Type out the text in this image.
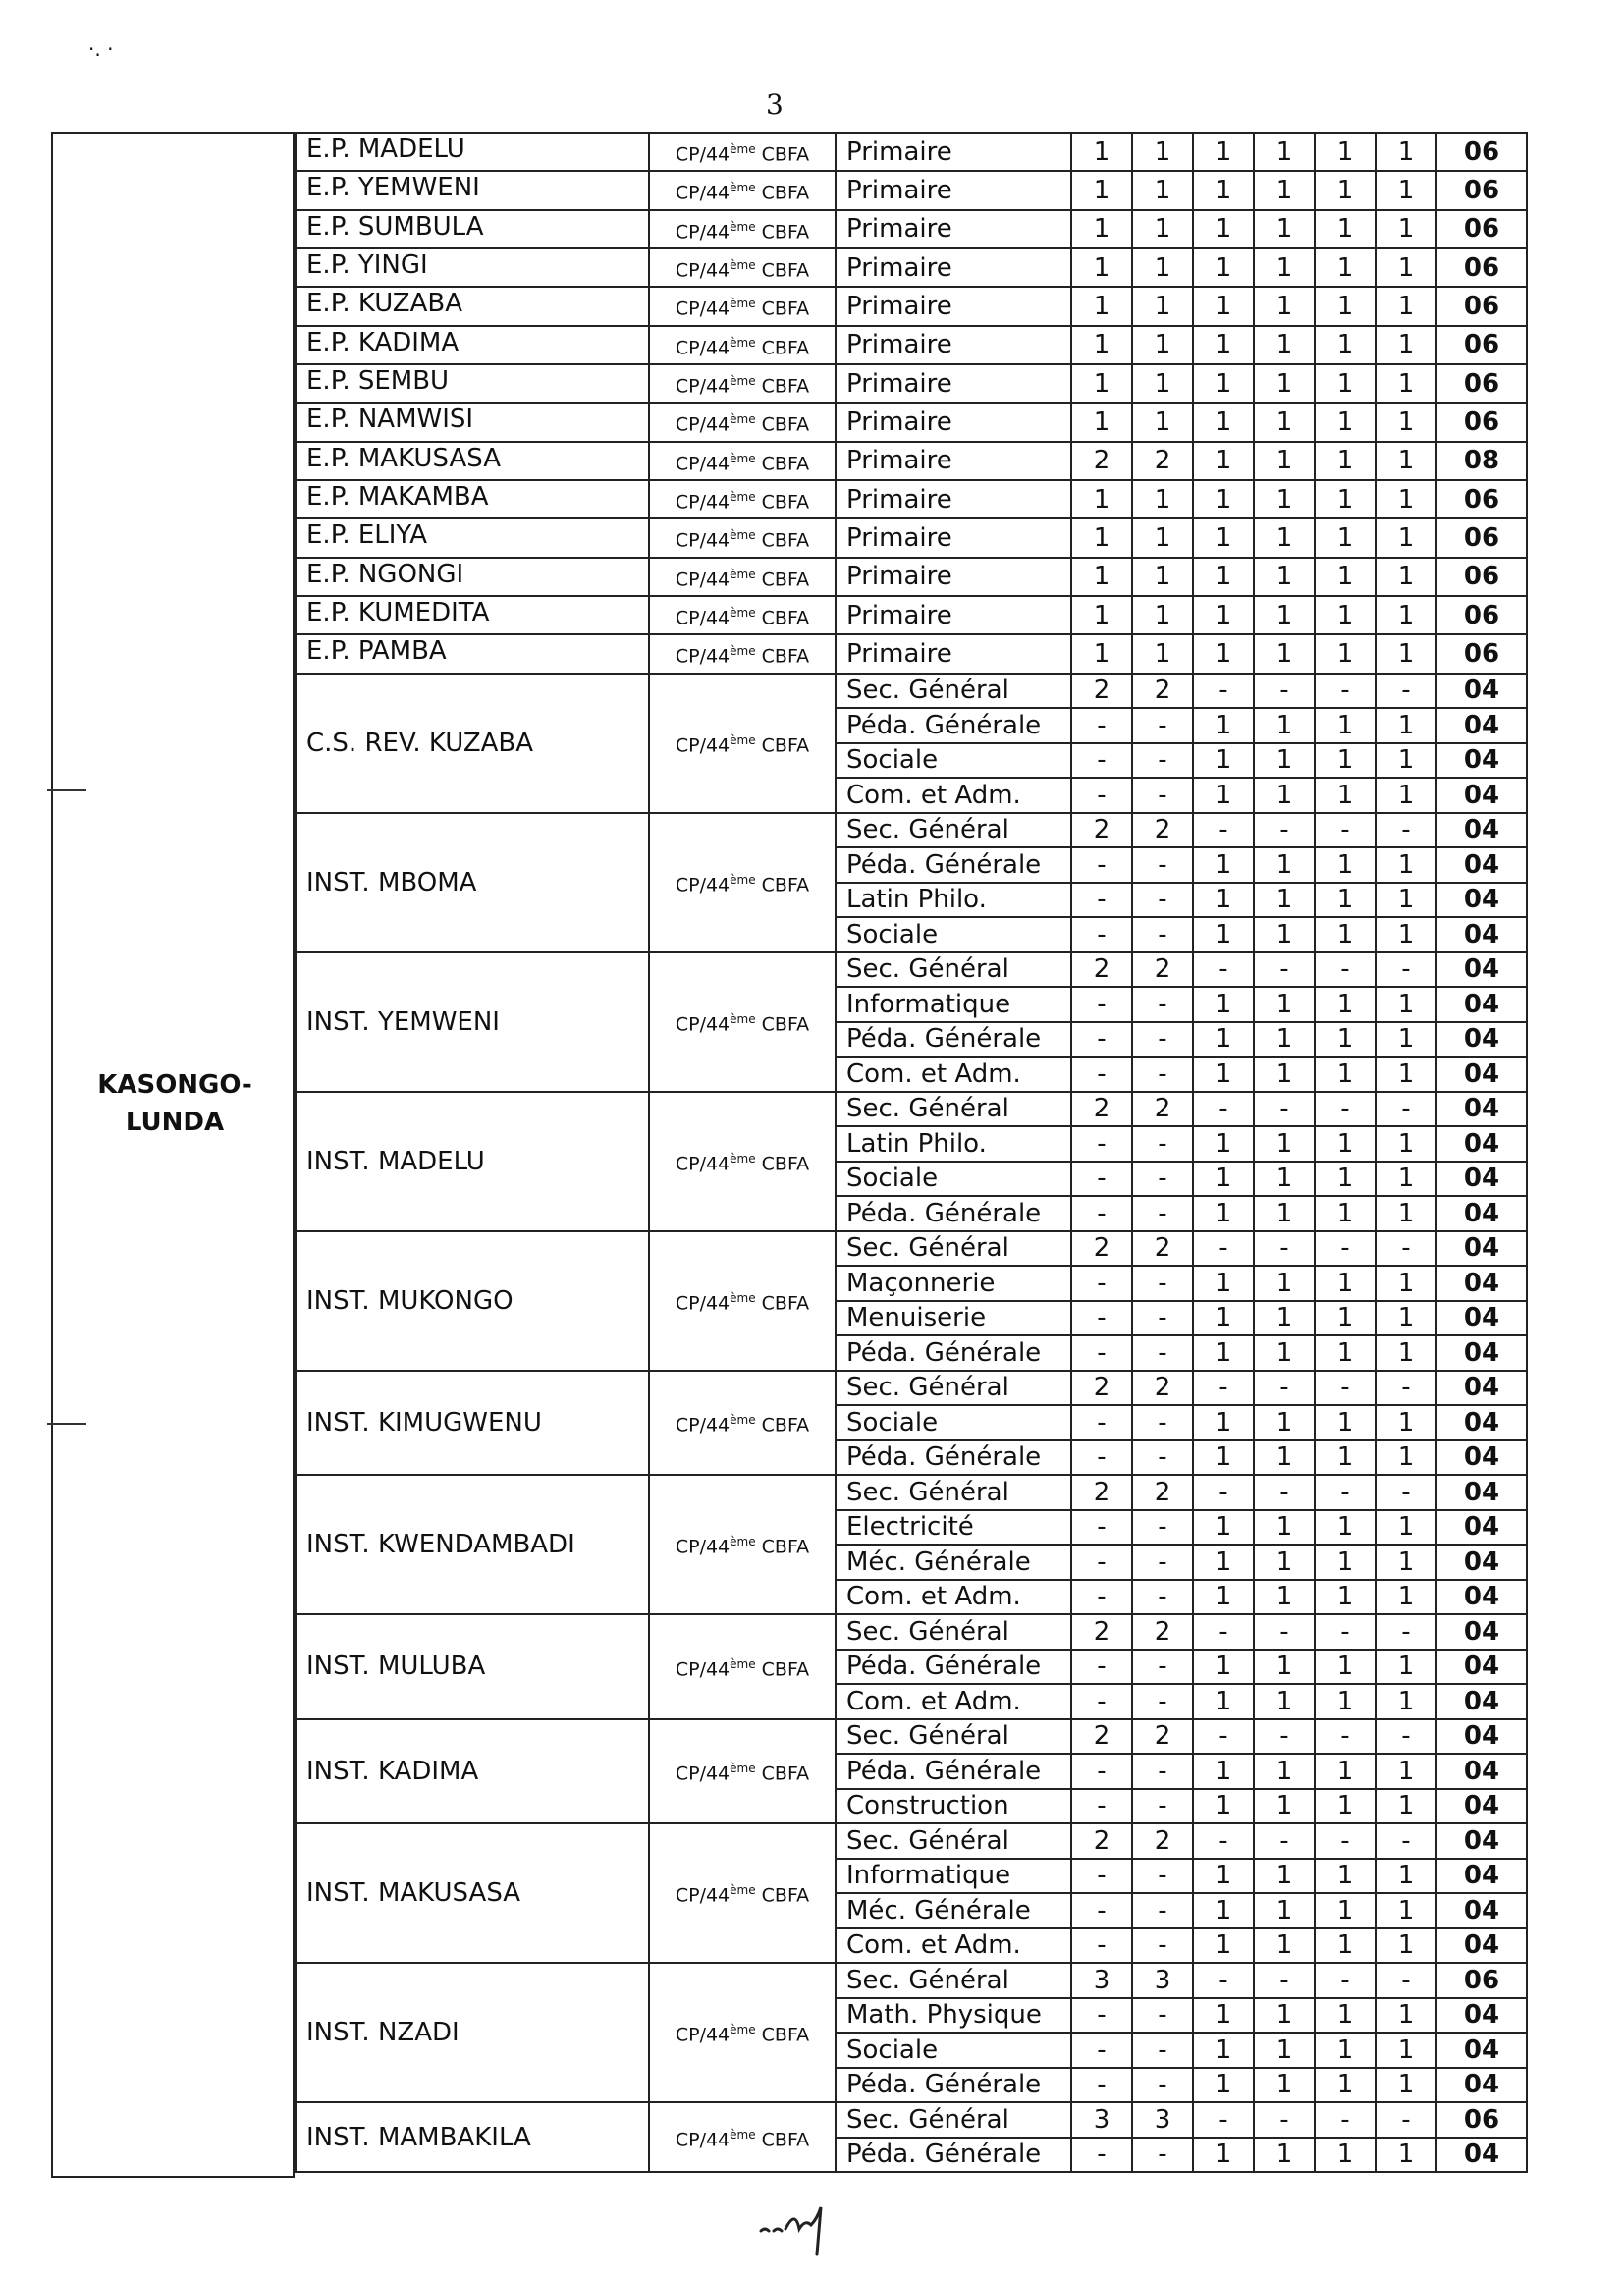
3
·. ·
KASONGO-LUNDA
E.P. MADELU	CP/44ème CBFA	Primaire	1	1	1	1	1	1	06
E.P. YEMWENI	CP/44ème CBFA	Primaire	1	1	1	1	1	1	06
E.P. SUMBULA	CP/44ème CBFA	Primaire	1	1	1	1	1	1	06
E.P. YINGI	CP/44ème CBFA	Primaire	1	1	1	1	1	1	06
E.P. KUZABA	CP/44ème CBFA	Primaire	1	1	1	1	1	1	06
E.P. KADIMA	CP/44ème CBFA	Primaire	1	1	1	1	1	1	06
E.P. SEMBU	CP/44ème CBFA	Primaire	1	1	1	1	1	1	06
E.P. NAMWISI	CP/44ème CBFA	Primaire	1	1	1	1	1	1	06
E.P. MAKUSASA	CP/44ème CBFA	Primaire	2	2	1	1	1	1	08
E.P. MAKAMBA	CP/44ème CBFA	Primaire	1	1	1	1	1	1	06
E.P. ELIYA	CP/44ème CBFA	Primaire	1	1	1	1	1	1	06
E.P. NGONGI	CP/44ème CBFA	Primaire	1	1	1	1	1	1	06
E.P. KUMEDITA	CP/44ème CBFA	Primaire	1	1	1	1	1	1	06
E.P. PAMBA	CP/44ème CBFA	Primaire	1	1	1	1	1	1	06
C.S. REV. KUZABA	CP/44ème CBFA	Sec. Général	2	2	-	-	-	-	04
		Péda. Générale	-	-	1	1	1	1	04
		Sociale	-	-	1	1	1	1	04
		Com. et Adm.	-	-	1	1	1	1	04
INST. MBOMA	CP/44ème CBFA	Sec. Général	2	2	-	-	-	-	04
		Péda. Générale	-	-	1	1	1	1	04
		Latin Philo.	-	-	1	1	1	1	04
		Sociale	-	-	1	1	1	1	04
INST. YEMWENI	CP/44ème CBFA	Sec. Général	2	2	-	-	-	-	04
		Informatique	-	-	1	1	1	1	04
		Péda. Générale	-	-	1	1	1	1	04
		Com. et Adm.	-	-	1	1	1	1	04
INST. MADELU	CP/44ème CBFA	Sec. Général	2	2	-	-	-	-	04
		Latin Philo.	-	-	1	1	1	1	04
		Sociale	-	-	1	1	1	1	04
		Péda. Générale	-	-	1	1	1	1	04
INST. MUKONGO	CP/44ème CBFA	Sec. Général	2	2	-	-	-	-	04
		Maçonnerie	-	-	1	1	1	1	04
		Menuiserie	-	-	1	1	1	1	04
		Péda. Générale	-	-	1	1	1	1	04
INST. KIMUGWENU	CP/44ème CBFA	Sec. Général	2	2	-	-	-	-	04
		Sociale	-	-	1	1	1	1	04
		Péda. Générale	-	-	1	1	1	1	04
INST. KWENDAMBADI	CP/44ème CBFA	Sec. Général	2	2	-	-	-	-	04
		Electricité	-	-	1	1	1	1	04
		Méc. Générale	-	-	1	1	1	1	04
		Com. et Adm.	-	-	1	1	1	1	04
INST. MULUBA	CP/44ème CBFA	Sec. Général	2	2	-	-	-	-	04
		Péda. Générale	-	-	1	1	1	1	04
		Com. et Adm.	-	-	1	1	1	1	04
INST. KADIMA	CP/44ème CBFA	Sec. Général	2	2	-	-	-	-	04
		Péda. Générale	-	-	1	1	1	1	04
		Construction	-	-	1	1	1	1	04
INST. MAKUSASA	CP/44ème CBFA	Sec. Général	2	2	-	-	-	-	04
		Informatique	-	-	1	1	1	1	04
		Méc. Générale	-	-	1	1	1	1	04
		Com. et Adm.	-	-	1	1	1	1	04
INST. NZADI	CP/44ème CBFA	Sec. Général	3	3	-	-	-	-	06
		Math. Physique	-	-	1	1	1	1	04
		Sociale	-	-	1	1	1	1	04
		Péda. Générale	-	-	1	1	1	1	04
INST. MAMBAKILA	CP/44ème CBFA	Sec. Général	3	3	-	-	-	-	06
		Péda. Générale	-	-	1	1	1	1	04
